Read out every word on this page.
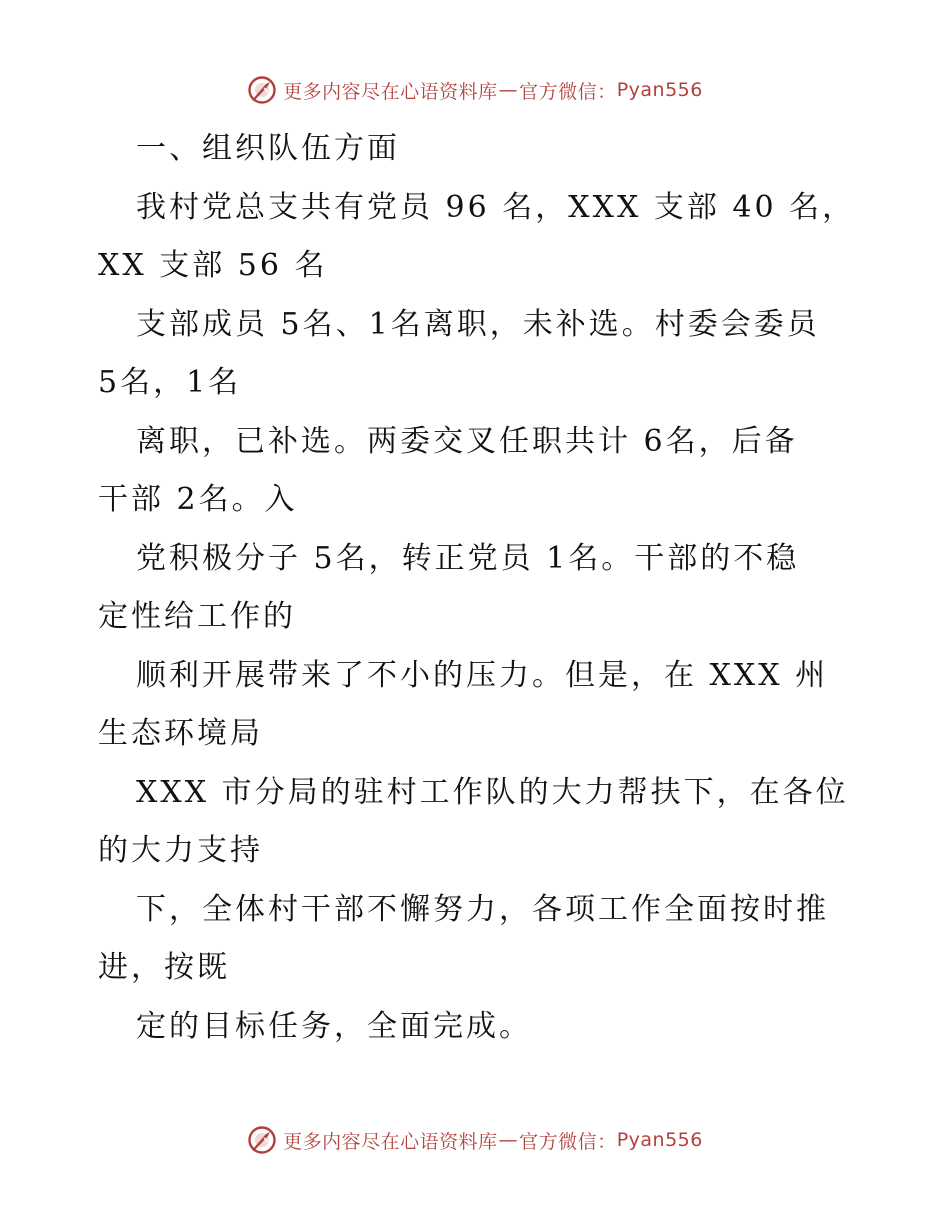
更多内容尽在心语资料库 — 官方微信： Pyan556
一、组织队伍方面
我村党总支共有党员 96 名，XXX 支部 40 名，
XX 支部 56 名
支部成员 5名、1名离职，未补选。村委会委员
5名，1名
离职，已补选。两委交叉任职共计 6名，后备
干部 2名。入
党积极分子 5名，转正党员 1名。干部的不稳
定性给工作的
顺利开展带来了不小的压力。但是，在 XXX 州
生态环境局
XXX 市分局的驻村工作队的大力帮扶下，在各位
的大力支持
下，全体村干部不懈努力，各项工作全面按时推
进，按既
定的目标任务，全面完成。
更多内容尽在心语资料库 — 官方微信： Pyan556
